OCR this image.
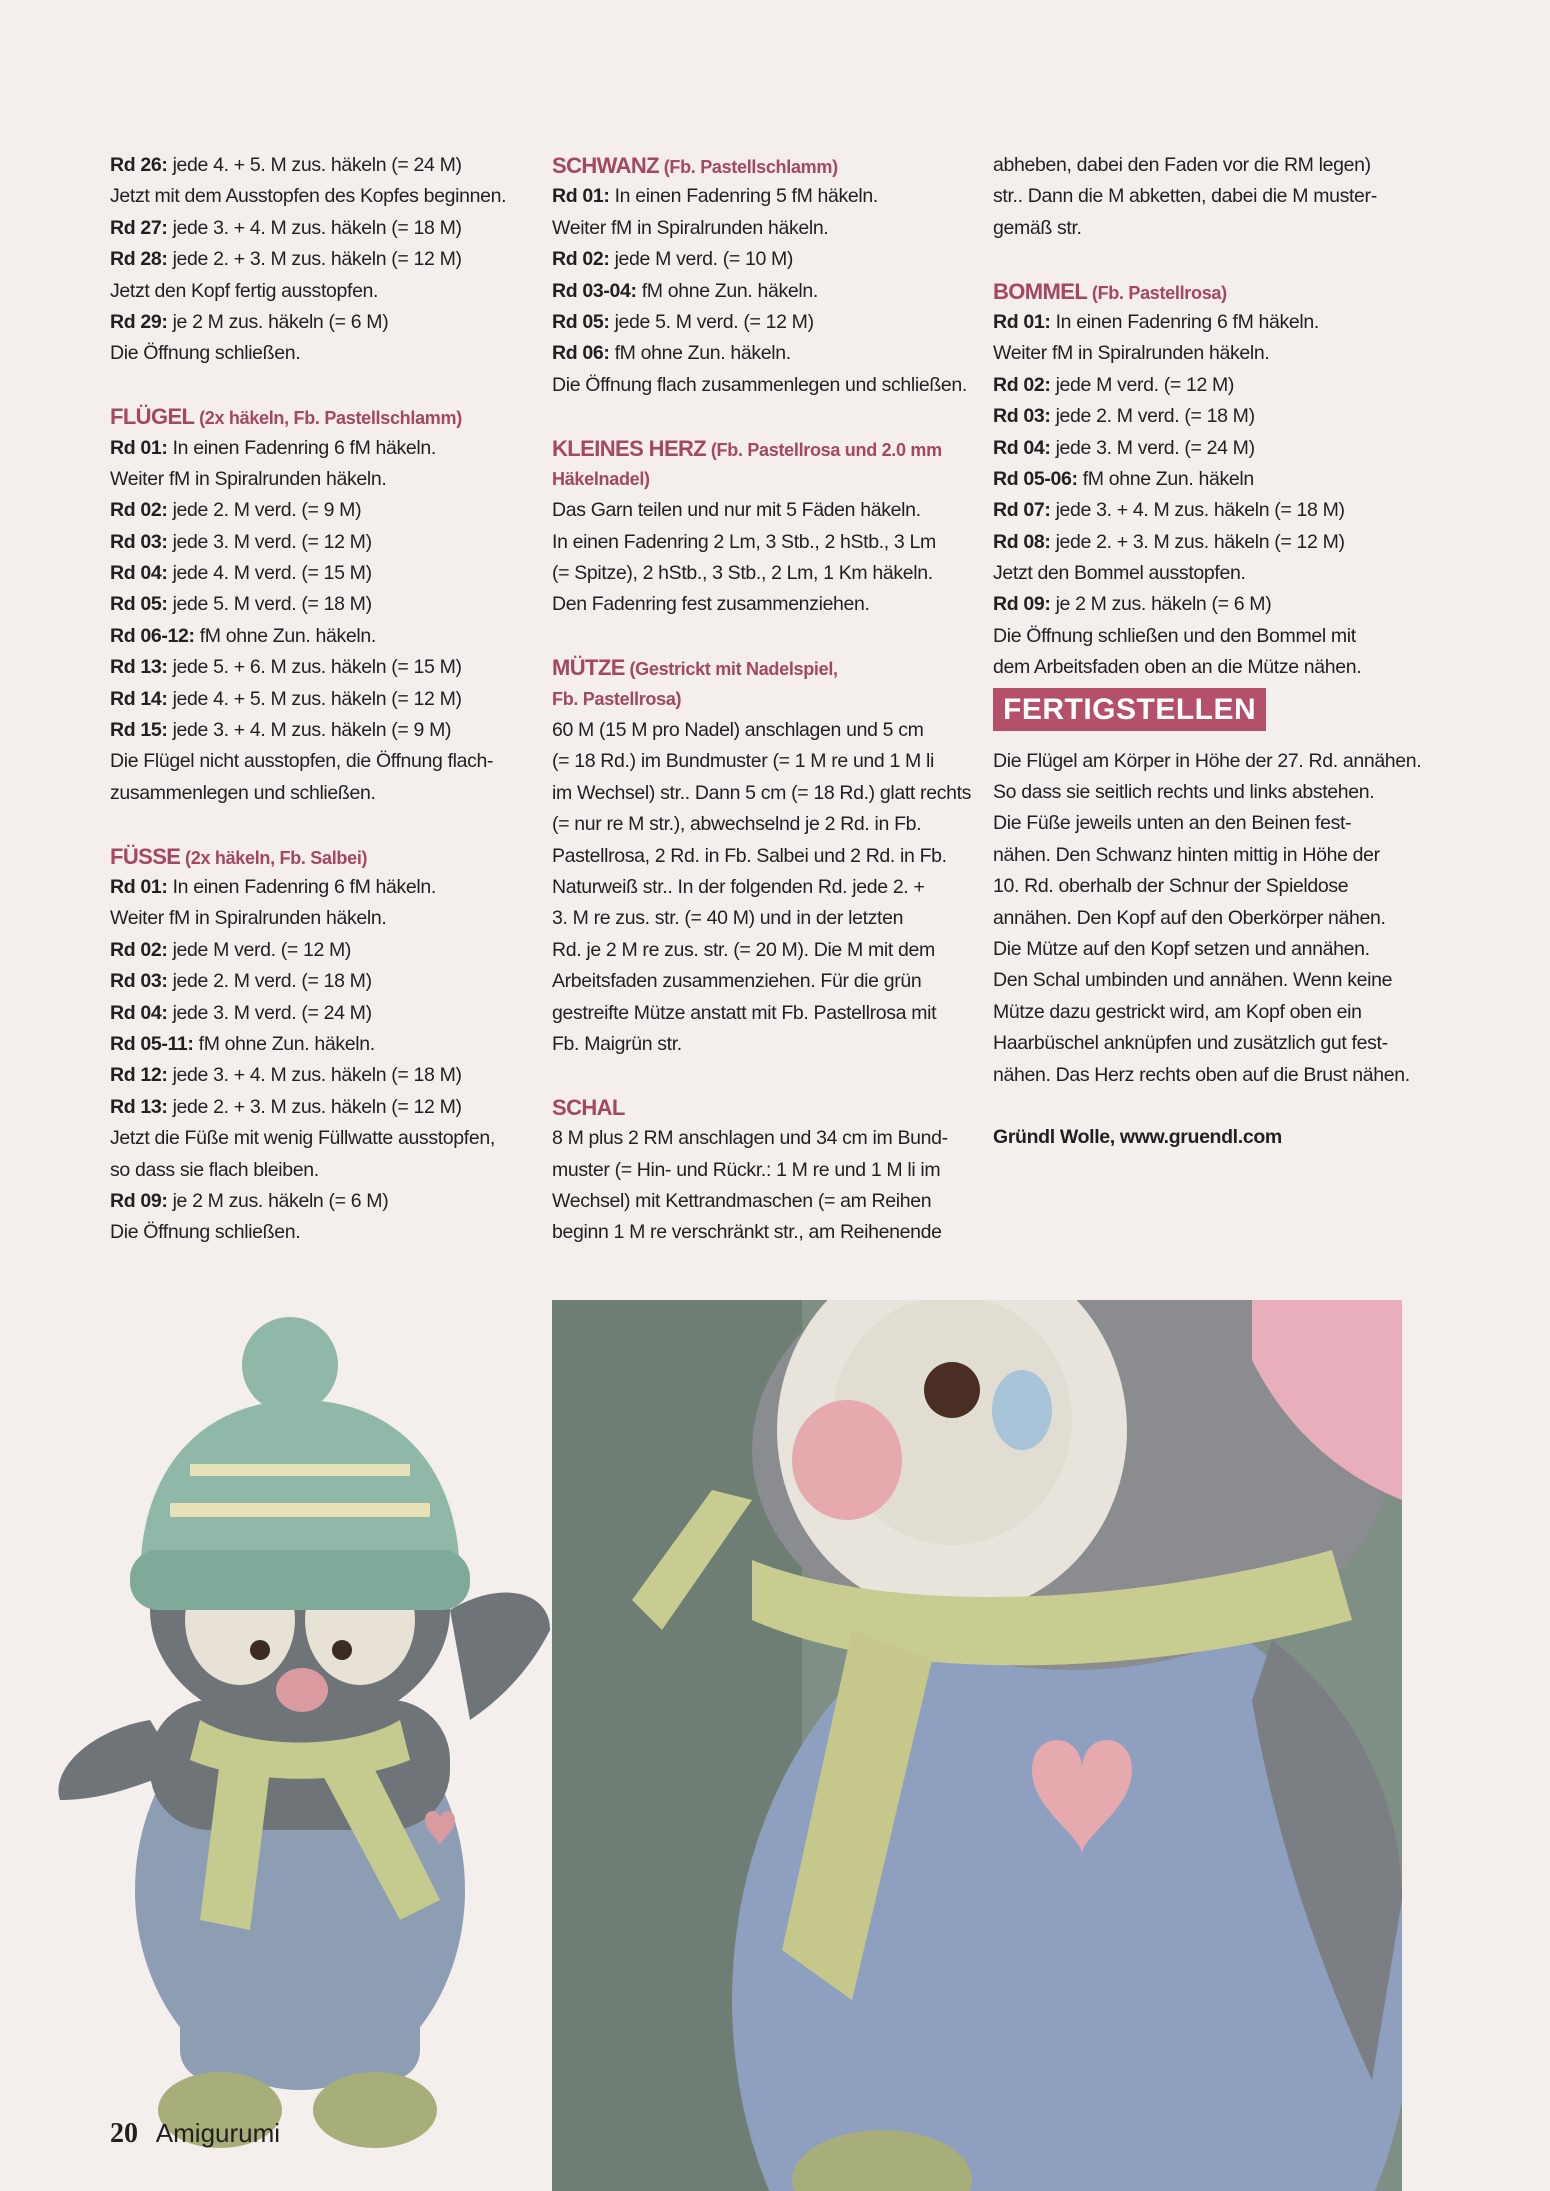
Rd 26: jede 4. + 5. M zus. häkeln (= 24 M)
Jetzt mit dem Ausstopfen des Kopfes beginnen.
Rd 27: jede 3. + 4. M zus. häkeln (= 18 M)
Rd 28: jede 2. + 3. M zus. häkeln (= 12 M)
Jetzt den Kopf fertig ausstopfen.
Rd 29: je 2 M zus. häkeln (= 6 M)
Die Öffnung schließen.
FLÜGEL (2x häkeln, Fb. Pastellschlamm)
Rd 01: In einen Fadenring 6 fM häkeln.
Weiter fM in Spiralrunden häkeln.
Rd 02: jede 2. M verd. (= 9 M)
Rd 03: jede 3. M verd. (= 12 M)
Rd 04: jede 4. M verd. (= 15 M)
Rd 05: jede 5. M verd. (= 18 M)
Rd 06-12: fM ohne Zun. häkeln.
Rd 13: jede 5. + 6. M zus. häkeln (= 15 M)
Rd 14: jede 4. + 5. M zus. häkeln (= 12 M)
Rd 15: jede 3. + 4. M zus. häkeln (= 9 M)
Die Flügel nicht ausstopfen, die Öffnung flach-
zusammenlegen und schließen.
FÜSSE (2x häkeln, Fb. Salbei)
Rd 01: In einen Fadenring 6 fM häkeln.
Weiter fM in Spiralrunden häkeln.
Rd 02: jede M verd. (= 12 M)
Rd 03: jede 2. M verd. (= 18 M)
Rd 04: jede 3. M verd. (= 24 M)
Rd 05-11: fM ohne Zun. häkeln.
Rd 12: jede 3. + 4. M zus. häkeln (= 18 M)
Rd 13: jede 2. + 3. M zus. häkeln (= 12 M)
Jetzt die Füße mit wenig Füllwatte ausstopfen,
so dass sie flach bleiben.
Rd 09: je 2 M zus. häkeln (= 6 M)
Die Öffnung schließen.
SCHWANZ (Fb. Pastellschlamm)
Rd 01: In einen Fadenring 5 fM häkeln.
Weiter fM in Spiralrunden häkeln.
Rd 02: jede M verd. (= 10 M)
Rd 03-04: fM ohne Zun. häkeln.
Rd 05: jede 5. M verd. (= 12 M)
Rd 06: fM ohne Zun. häkeln.
Die Öffnung flach zusammenlegen und schließen.
KLEINES HERZ (Fb. Pastellrosa und 2.0 mm
Häkelnadel)
Das Garn teilen und nur mit 5 Fäden häkeln.
In einen Fadenring 2 Lm, 3 Stb., 2 hStb., 3 Lm
(= Spitze), 2 hStb., 3 Stb., 2 Lm, 1 Km häkeln.
Den Fadenring fest zusammenziehen.
MÜTZE (Gestrickt mit Nadelspiel,
Fb. Pastellrosa)
60 M (15 M pro Nadel) anschlagen und 5 cm
(= 18 Rd.) im Bundmuster (= 1 M re und 1 M li
im Wechsel) str.. Dann 5 cm (= 18 Rd.) glatt rechts
(= nur re M str.), abwechselnd je 2 Rd. in Fb.
Pastellrosa, 2 Rd. in Fb. Salbei und 2 Rd. in Fb.
Naturweiß str.. In der folgenden Rd. jede 2. +
3. M re zus. str. (= 40 M) und in der letzten
Rd. je 2 M re zus. str. (= 20 M). Die M mit dem
Arbeitsfaden zusammenziehen. Für die grün
gestreifte Mütze anstatt mit Fb. Pastellrosa mit
Fb. Maigrün str.
SCHAL
8 M plus 2 RM anschlagen und 34 cm im Bund-
muster (= Hin- und Rückr.: 1 M re und 1 M li im
Wechsel) mit Kettrandmaschen (= am Reihen
beginn 1 M re verschränkt str., am Reihenende
abheben, dabei den Faden vor die RM legen)
str.. Dann die M abketten, dabei die M muster-
gemäß str.
BOMMEL (Fb. Pastellrosa)
Rd 01: In einen Fadenring 6 fM häkeln.
Weiter fM in Spiralrunden häkeln.
Rd 02: jede M verd. (= 12 M)
Rd 03: jede 2. M verd. (= 18 M)
Rd 04: jede 3. M verd. (= 24 M)
Rd 05-06: fM ohne Zun. häkeln
Rd 07: jede 3. + 4. M zus. häkeln (= 18 M)
Rd 08: jede 2. + 3. M zus. häkeln (= 12 M)
Jetzt den Bommel ausstopfen.
Rd 09: je 2 M zus. häkeln (= 6 M)
Die Öffnung schließen und den Bommel mit
dem Arbeitsfaden oben an die Mütze nähen.
FERTIGSTELLEN
Die Flügel am Körper in Höhe der 27. Rd. annähen.
So dass sie seitlich rechts und links abstehen.
Die Füße jeweils unten an den Beinen fest-
nähen. Den Schwanz hinten mittig in Höhe der
10. Rd. oberhalb der Schnur der Spieldose
annähen. Den Kopf auf den Oberkörper nähen.
Die Mütze auf den Kopf setzen und annähen.
Den Schal umbinden und annähen. Wenn keine
Mütze dazu gestrickt wird, am Kopf oben ein
Haarbüschel anknüpfen und zusätzlich gut fest-
nähen. Das Herz rechts oben auf die Brust nähen.
Gründl Wolle, www.gruendl.com
20 Amigurumi
